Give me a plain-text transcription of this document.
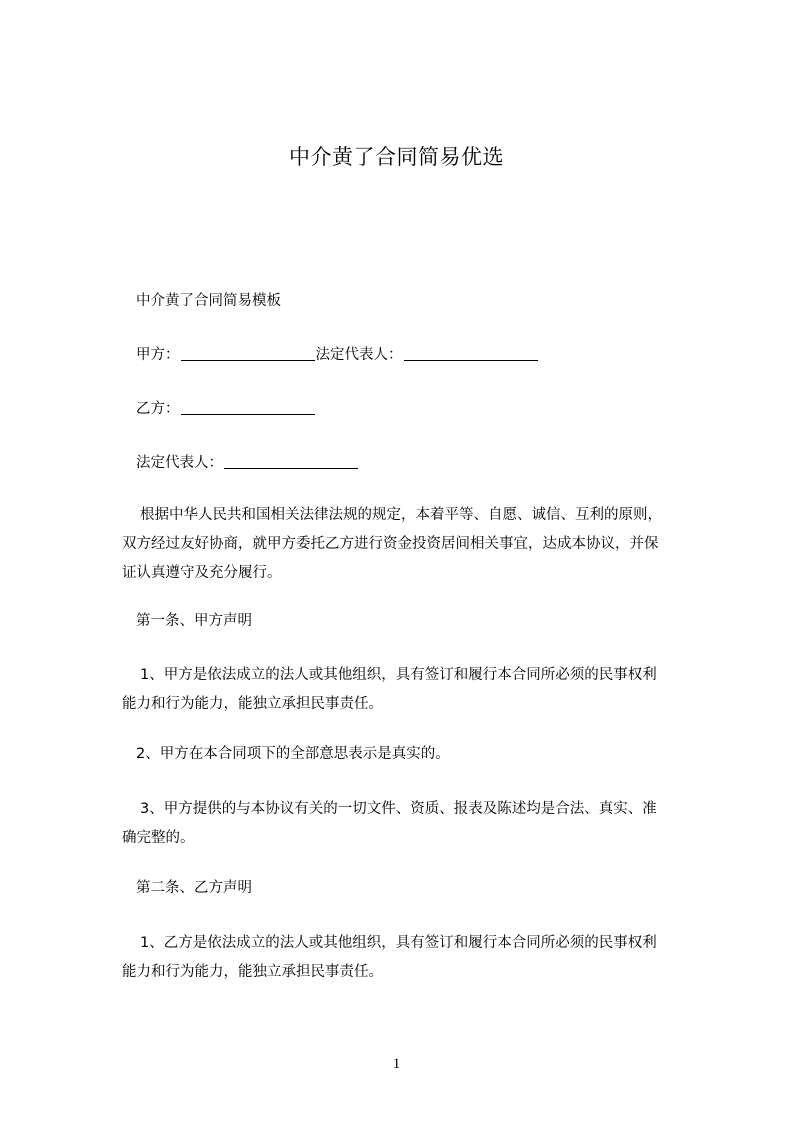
中介黄了合同简易优选
中介黄了合同简易模板
甲方：	法定代表人：
乙方：
法定代表人：
根据中华人民共和国相关法律法规的规定，本着平等、自愿、诚信、互利的原则，
双方经过友好协商，就甲方委托乙方进行资金投资居间相关事宜，达成本协议，并保
证认真遵守及充分履行。
第一条、甲方声明
1、甲方是依法成立的法人或其他组织，具有签订和履行本合同所必须的民事权利
能力和行为能力，能独立承担民事责任。
2、甲方在本合同项下的全部意思表示是真实的。
3、甲方提供的与本协议有关的一切文件、资质、报表及陈述均是合法、真实、准
确完整的。
第二条、乙方声明
1、乙方是依法成立的法人或其他组织，具有签订和履行本合同所必须的民事权利
能力和行为能力，能独立承担民事责任。
1
